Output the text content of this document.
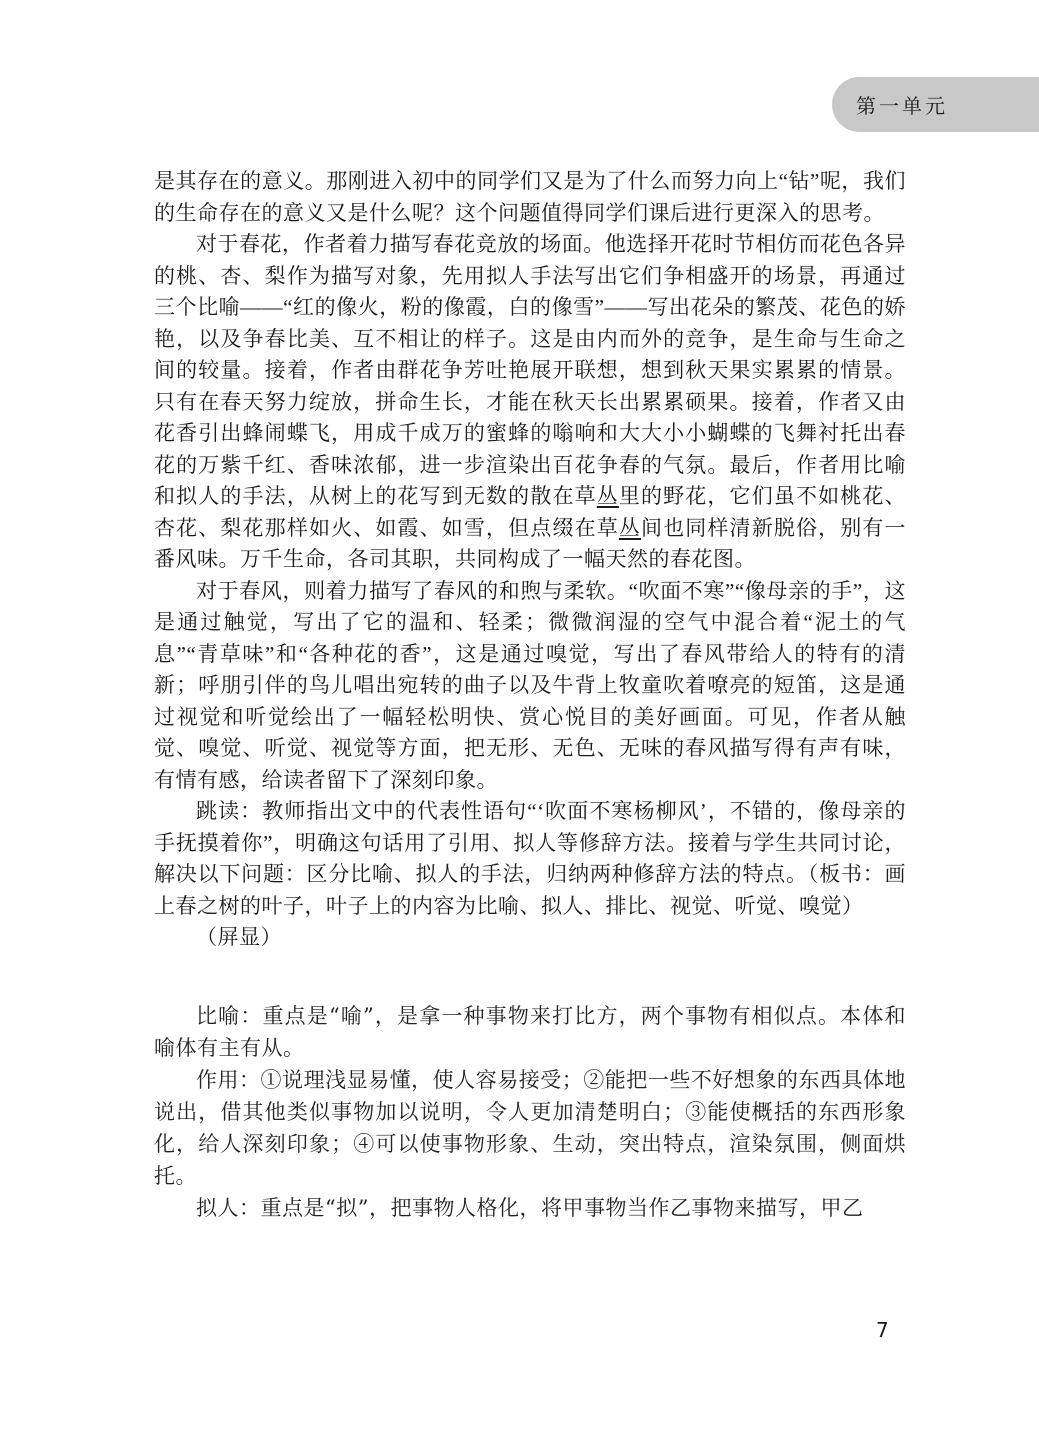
第一单元

是其存在的意义。那刚进入初中的同学们又是为了什么而努力向上“钻”呢，我们的生命存在的意义又是什么呢？这个问题值得同学们课后进行更深入的思考。

对于春花，作者着力描写春花竞放的场面。他选择开花时节相仿而花色各异的桃、杏、梨作为描写对象，先用拟人手法写出它们争相盛开的场景，再通过三个比喻——“红的像火，粉的像霞，白的像雪”——写出花朵的繁茂、花色的娇艳，以及争春比美、互不相让的样子。这是由内而外的竞争，是生命与生命之间的较量。接着，作者由群花争芳吐艳展开联想，想到秋天果实累累的情景。只有在春天努力绽放，拼命生长，才能在秋天长出累累硕果。接着，作者又由花香引出蜂闹蝶飞，用成千成万的蜜蜂的嗡响和大大小小蝴蝶的飞舞衬托出春花的万紫千红、香味浓郁，进一步渲染出百花争春的气氛。最后，作者用比喻和拟人的手法，从树上的花写到无数的散在草丛里的野花，它们虽不如桃花、杏花、梨花那样如火、如霞、如雪，但点缀在草丛间也同样清新脱俗，别有一番风味。万千生命，各司其职，共同构成了一幅天然的春花图。

对于春风，则着力描写了春风的和煦与柔软。“吹面不寒”“像母亲的手”，这是通过触觉，写出了它的温和、轻柔；微微润湿的空气中混合着“泥土的气息”“青草味”和“各种花的香”，这是通过嗅觉，写出了春风带给人的特有的清新；呼朋引伴的鸟儿唱出宛转的曲子以及牛背上牧童吹着嘹亮的短笛，这是通过视觉和听觉绘出了一幅轻松明快、赏心悦目的美好画面。可见，作者从触觉、嗅觉、听觉、视觉等方面，把无形、无色、无味的春风描写得有声有味，有情有感，给读者留下了深刻印象。

跳读：教师指出文中的代表性语句“‘吹面不寒杨柳风’，不错的，像母亲的手抚摸着你”，明确这句话用了引用、拟人等修辞方法。接着与学生共同讨论，解决以下问题：区分比喻、拟人的手法，归纳两种修辞方法的特点。（板书：画上春之树的叶子，叶子上的内容为比喻、拟人、排比、视觉、听觉、嗅觉）

（屏显）

比喻：重点是“喻”，是拿一种事物来打比方，两个事物有相似点。本体和喻体有主有从。

作用：①说理浅显易懂，使人容易接受；②能把一些不好想象的东西具体地说出，借其他类似事物加以说明，令人更加清楚明白；③能使概括的东西形象化，给人深刻印象；④可以使事物形象、生动，突出特点，渲染氛围，侧面烘托。

拟人：重点是“拟”，把事物人格化，将甲事物当作乙事物来描写，甲乙

7
